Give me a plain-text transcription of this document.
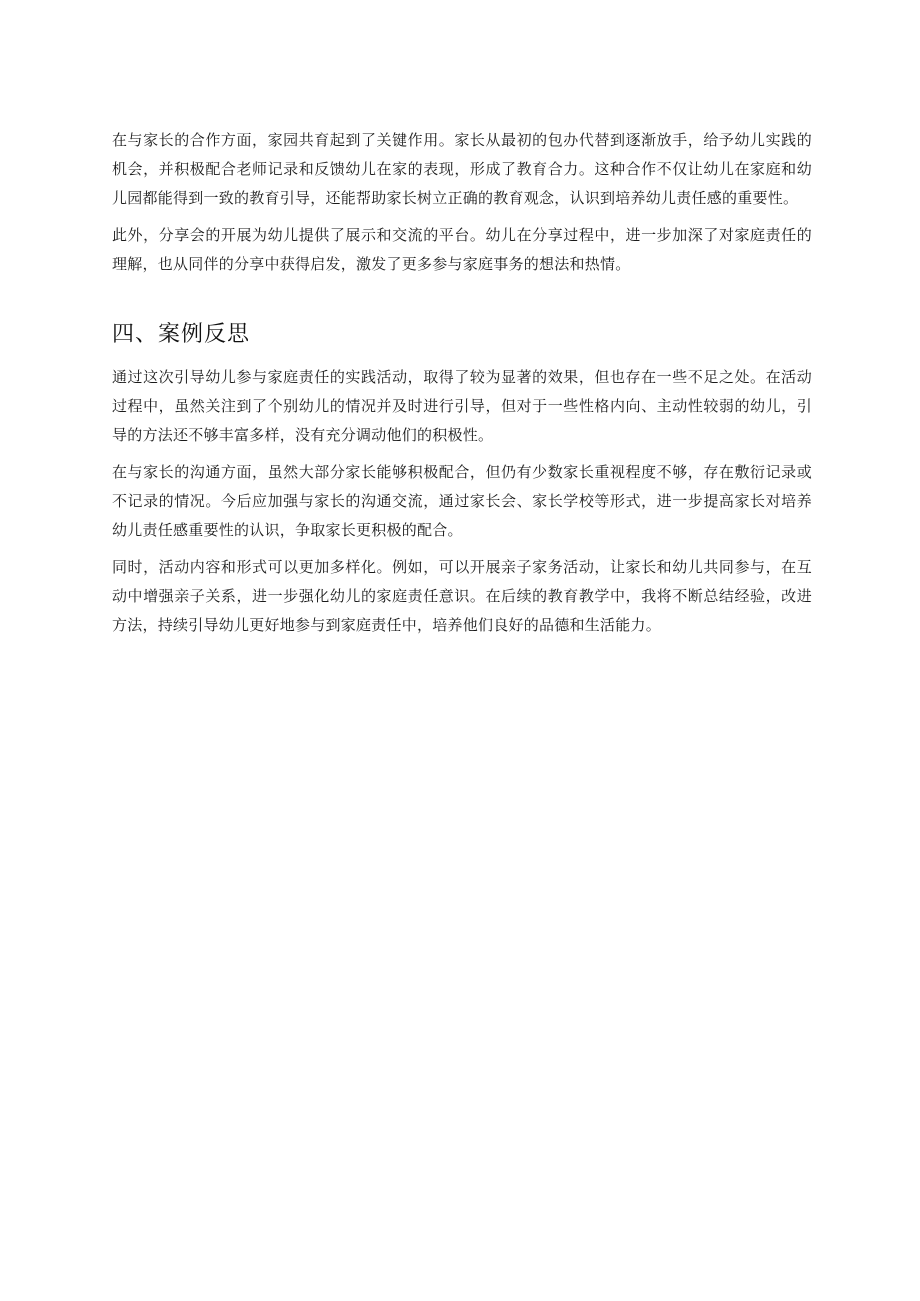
在与家长的合作方面，家园共育起到了关键作用。家长从最初的包办代替到逐渐放手，给予幼儿实践的机会，并积极配合老师记录和反馈幼儿在家的表现，形成了教育合力。这种合作不仅让幼儿在家庭和幼儿园都能得到一致的教育引导，还能帮助家长树立正确的教育观念，认识到培养幼儿责任感的重要性。

此外，分享会的开展为幼儿提供了展示和交流的平台。幼儿在分享过程中，进一步加深了对家庭责任的理解，也从同伴的分享中获得启发，激发了更多参与家庭事务的想法和热情。

四、案例反思

通过这次引导幼儿参与家庭责任的实践活动，取得了较为显著的效果，但也存在一些不足之处。在活动过程中，虽然关注到了个别幼儿的情况并及时进行引导，但对于一些性格内向、主动性较弱的幼儿，引导的方法还不够丰富多样，没有充分调动他们的积极性。

在与家长的沟通方面，虽然大部分家长能够积极配合，但仍有少数家长重视程度不够，存在敷衍记录或不记录的情况。今后应加强与家长的沟通交流，通过家长会、家长学校等形式，进一步提高家长对培养幼儿责任感重要性的认识，争取家长更积极的配合。

同时，活动内容和形式可以更加多样化。例如，可以开展亲子家务活动，让家长和幼儿共同参与，在互动中增强亲子关系，进一步强化幼儿的家庭责任意识。在后续的教育教学中，我将不断总结经验，改进方法，持续引导幼儿更好地参与到家庭责任中，培养他们良好的品德和生活能力。
